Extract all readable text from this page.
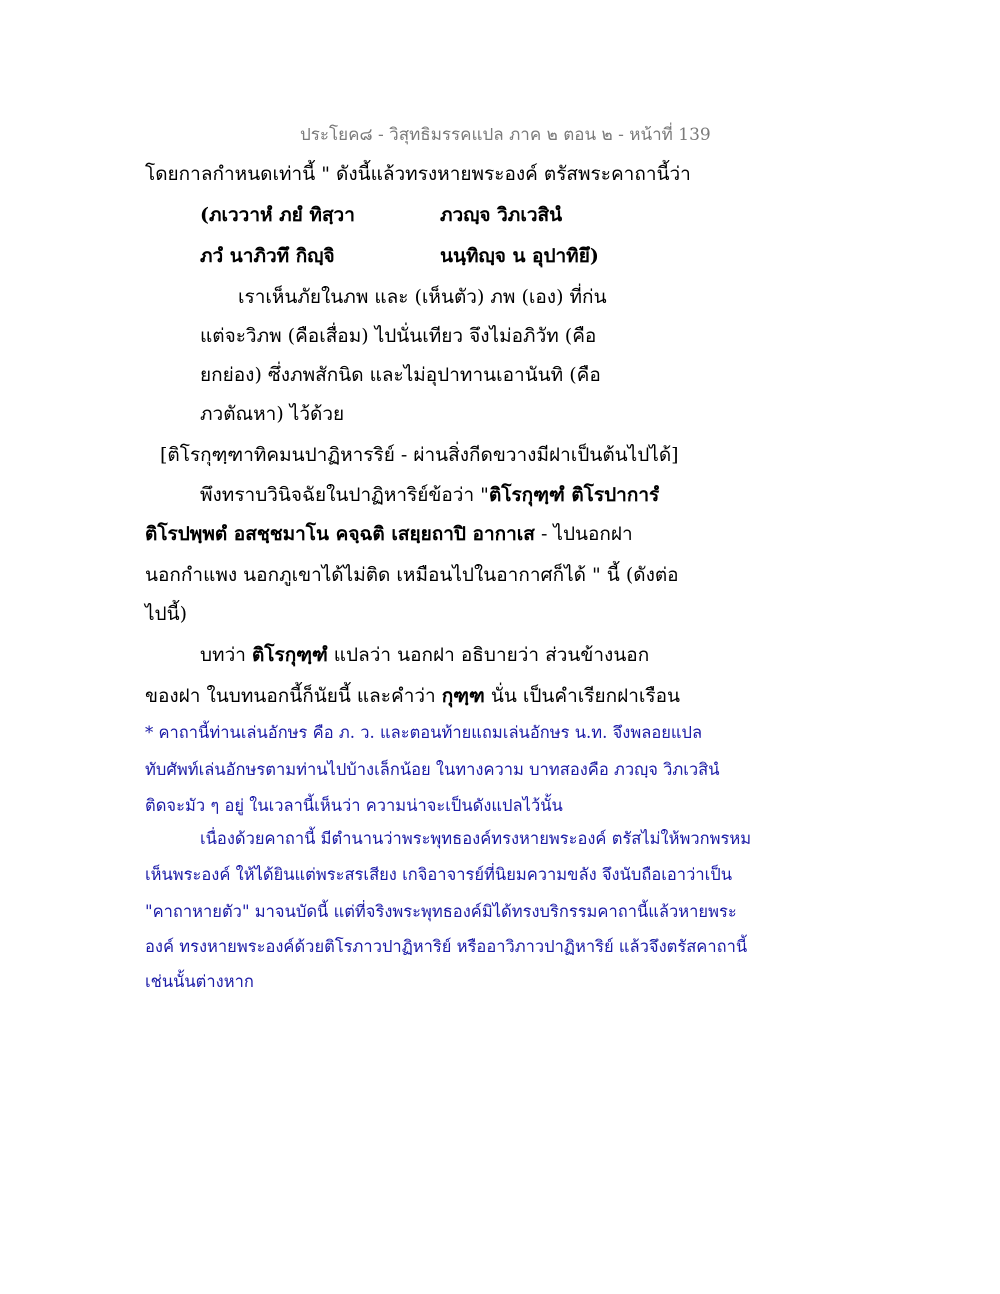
ประโยค๘ - วิสุทธิมรรคแปล ภาค ๒ ตอน ๒ - หน้าที่ 139
โดยกาลกำหนดเท่านี้ " ดังนี้แล้วทรงหายพระองค์ ตรัสพระคาถานี้ว่า
(ภเววาหํ ภยํ ทิสฺวา	ภวญฺจ วิภเวสินํ
ภวํ นาภิวทึ กิญฺจิ	นนฺทิญฺจ น อุปาทิยึ)
เราเห็นภัยในภพ และ (เห็นตัว) ภพ (เอง) ที่ก่น
แต่จะวิภพ (คือเสื่อม) ไปนั่นเทียว จึงไม่อภิวัท (คือ
ยกย่อง) ซึ่งภพสักนิด และไม่อุปาทานเอานันทิ (คือ
ภวตัณหา) ไว้ด้วย
[ติโรกุฑฺฑาทิคมนปาฏิหารริย์ - ผ่านสิ่งกีดขวางมีฝาเป็นต้นไปได้]
พึงทราบวินิจฉัยในปาฏิหาริย์ข้อว่า "ติโรกุฑฺฑํ ติโรปาการํ
ติโรปพฺพตํ อสชฺชมาโน คจฺฉติ เสยฺยถาปิ อากาเส - ไปนอกฝา
นอกกำแพง นอกภูเขาได้ไม่ติด เหมือนไปในอากาศก็ได้ " นี้ (ดังต่อ
ไปนี้)
บทว่า ติโรกุฑฺฑํ แปลว่า นอกฝา อธิบายว่า ส่วนข้างนอก
ของฝา ในบทนอกนี้ก็นัยนี้ และคำว่า กุฑฺฑ นั่น เป็นคำเรียกฝาเรือน
* คาถานี้ท่านเล่นอักษร คือ ภ. ว. และตอนท้ายแถมเล่นอักษร น.ท. จึงพลอยแปล
ทับศัพท์เล่นอักษรตามท่านไปบ้างเล็กน้อย ในทางความ บาทสองคือ ภวญฺจ วิภเวสินํ
ติดจะมัว ๆ อยู่ ในเวลานี้เห็นว่า ความน่าจะเป็นดังแปลไว้นั้น
เนื่องด้วยคาถานี้ มีตำนานว่าพระพุทธองค์ทรงหายพระองค์ ตรัสไม่ให้พวกพรหม
เห็นพระองค์ ให้ได้ยินแต่พระสรเสียง เกจิอาจารย์ที่นิยมความขลัง จึงนับถือเอาว่าเป็น
"คาถาหายตัว" มาจนบัดนี้ แต่ที่จริงพระพุทธองค์มิได้ทรงบริกรรมคาถานี้แล้วหายพระ
องค์ ทรงหายพระองค์ด้วยติโรภาวปาฏิหาริย์ หรืออาวิภาวปาฏิหาริย์ แล้วจึงตรัสคาถานี้
เช่นนั้นต่างหาก
